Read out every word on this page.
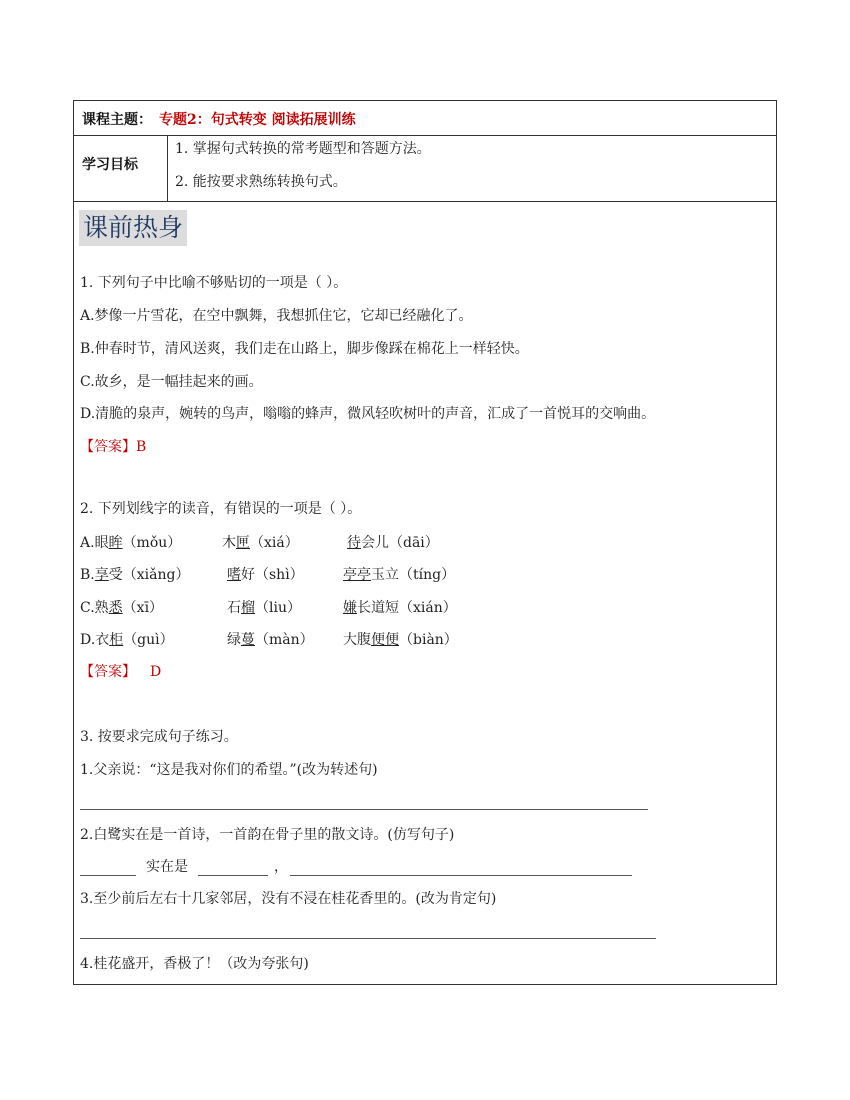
课程主题： 专题2：句式转变 阅读拓展训练
学习目标
1. 掌握句式转换的常考题型和答题方法。
2. 能按要求熟练转换句式。
课前热身
1. 下列句子中比喻不够贴切的一项是（ ）。
A.梦像一片雪花，在空中飘舞，我想抓住它，它却已经融化了。
B.仲春时节，清风送爽，我们走在山路上，脚步像踩在棉花上一样轻快。
C.故乡，是一幅挂起来的画。
D.清脆的泉声，婉转的鸟声，嗡嗡的蜂声，微风轻吹树叶的声音，汇成了一首悦耳的交响曲。
【答案】B
2. 下列划线字的读音，有错误的一项是（ ）。
A.眼眸（mǒu）	木匣（xiá）	待会儿（dāi）
B.享受（xiǎng）	嗜好（shì）	亭亭玉立（tíng）
C.熟悉（xī）	石榴（liu）	嫌长道短（xián）
D.衣柜（guì）	绿蔓（màn） 大腹便便（biàn）
【答案】 D
3. 按要求完成句子练习。
1.父亲说：“这是我对你们的希望。”(改为转述句)
2.白鹭实在是一首诗，一首韵在骨子里的散文诗。(仿写句子)
实在是	，
3.至少前后左右十几家邻居，没有不浸在桂花香里的。(改为肯定句)
4.桂花盛开，香极了！（改为夸张句)
